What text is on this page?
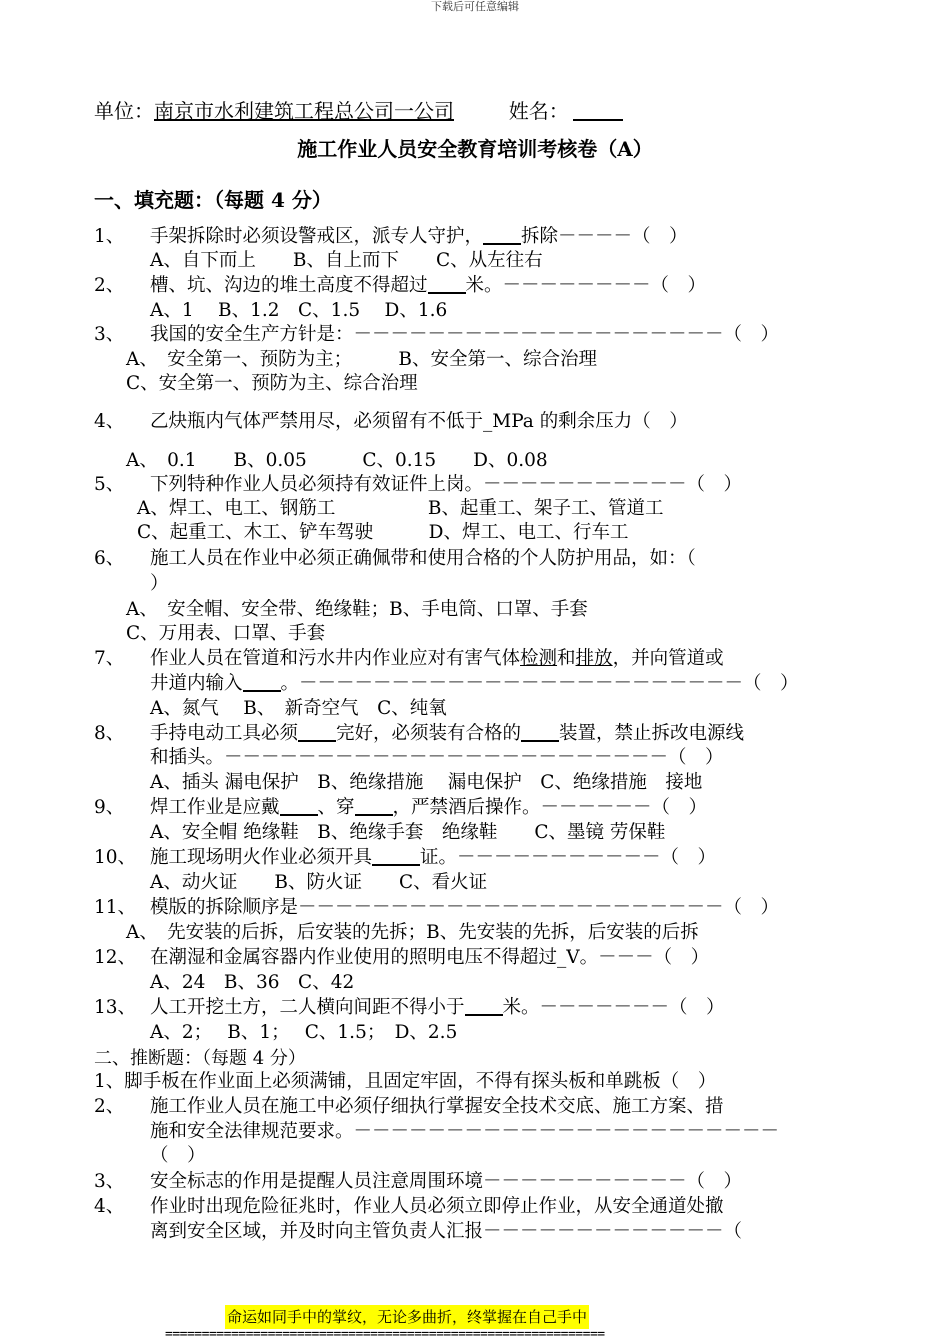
下载后可任意编辑
单位：南京市水利建筑工程总公司一公司	姓名：
施工作业人员安全教育培训考核卷（A）
一、填充题：（每题 4 分）
1、 手架拆除时必须设警戒区，派专人守护， 拆除－－－－（　）
A、自下而上　　B、自上而下　　C、从左往右
2、 槽、坑、沟边的堆土高度不得超过 米。－－－－－－－－（　）
A、1　 B、1.2　C、1.5　 D、1.6
3、 我国的安全生产方针是：－－－－－－－－－－－－－－－－－－－－（　）
A、　安全第一、预防为主；　　　B、安全第一、综合治理
C、安全第一、预防为主、综合治理
4、 乙炔瓶内气体严禁用尽，必须留有不低于_MPa 的剩余压力（　）
A、　0.1　　B、0.05　　　C、0.15　　D、0.08
5、 下列特种作业人员必须持有效证件上岗。－－－－－－－－－－－（　）
A、焊工、电工、钢筋工　　　　　B、起重工、架子工、管道工
C、起重工、木工、铲车驾驶　　　D、焊工、电工、行车工
6、 施工人员在作业中必须正确佩带和使用合格的个人防护用品，如：（
）
A、　安全帽、安全带、绝缘鞋；B、手电筒、口罩、手套
C、万用表、口罩、手套
7、 作业人员在管道和污水井内作业应对有害气体检测和排放，并向管道或
井道内输入 。－－－－－－－－－－－－－－－－－－－－－－－－（　）
A、氮气　 B、　新奇空气　C、纯氧
8、 手持电动工具必须 完好，必须装有合格的 装置，禁止拆改电源线
和插头。－－－－－－－－－－－－－－－－－－－－－－－－（　）
A、插头 漏电保护　B、绝缘措施　 漏电保护　C、绝缘措施　接地
9、 焊工作业是应戴 、穿 ，严禁酒后操作。－－－－－－（　）
A、安全帽 绝缘鞋　B、绝缘手套　绝缘鞋　　C、墨镜 劳保鞋
10、 施工现场明火作业必须开具	证。－－－－－－－－－－－（　）
A、动火证　　B、防火证　　C、看火证
11、 模版的拆除顺序是－－－－－－－－－－－－－－－－－－－－－－－（　）
A、　先安装的后拆，后安装的先拆；B、先安装的先拆，后安装的后拆
12、 在潮湿和金属容器内作业使用的照明电压不得超过_V。－－－（　）
A、24　B、36　C、42
13、 人工开挖土方，二人横向间距不得小于 米。－－－－－－－（　）
A、2；　 B、1；　 C、1.5；　D、2.5
二、推断题：（每题 4 分）
1、脚手板在作业面上必须满铺，且固定牢固，不得有探头板和单跳板（　）
2、 施工作业人员在施工中必须仔细执行掌握安全技术交底、施工方案、措
施和安全法律规范要求。－－－－－－－－－－－－－－－－－－－－－－－
（　）
3、 安全标志的作用是提醒人员注意周围环境－－－－－－－－－－－（　）
4、 作业时出现危险征兆时，作业人员必须立即停止作业，从安全通道处撤
离到安全区域，并及时向主管负责人汇报－－－－－－－－－－－－－（
命运如同手中的掌纹，无论多曲折，终掌握在自己手中
============================================================
